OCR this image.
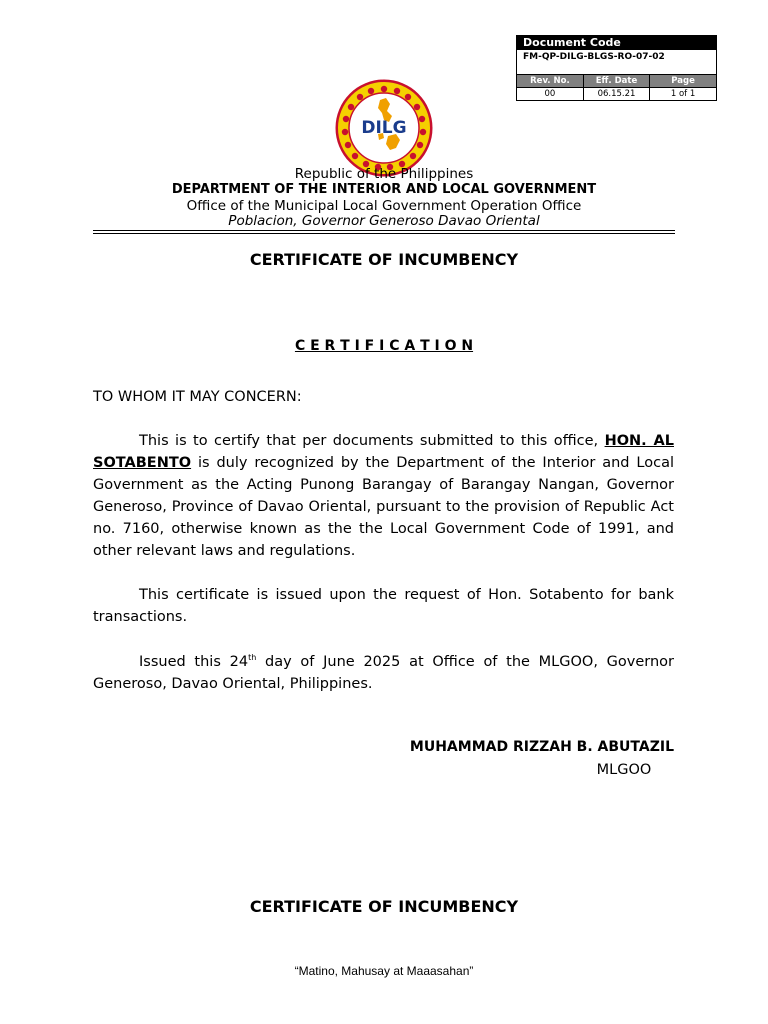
Document Code
FM-QP-DILG-BLGS-RO-07-02
Rev. No.	Eff. Date	Page
00	06.15.21	1 of 1
DILG
Republic of the Philippines
DEPARTMENT OF THE INTERIOR AND LOCAL GOVERNMENT
Office of the Municipal Local Government Operation Office
Poblacion, Governor Generoso Davao Oriental
CERTIFICATE OF INCUMBENCY
C E R T I F I C A T I O N
TO WHOM IT MAY CONCERN:
This is to certify that per documents submitted to this office, HON. AL SOTABENTO is duly recognized by the Department of the Interior and Local Government as the Acting Punong Barangay of Barangay Nangan, Governor Generoso, Province of Davao Oriental, pursuant to the provision of Republic Act no. 7160, otherwise known as the the Local Government Code of 1991, and other relevant laws and regulations.
This certificate is issued upon the request of Hon. Sotabento for bank transactions.
Issued this 24th day of June 2025 at Office of the MLGOO, Governor Generoso, Davao Oriental, Philippines.
MUHAMMAD RIZZAH B. ABUTAZIL
MLGOO
CERTIFICATE OF INCUMBENCY
“Matino, Mahusay at Maaasahan”
